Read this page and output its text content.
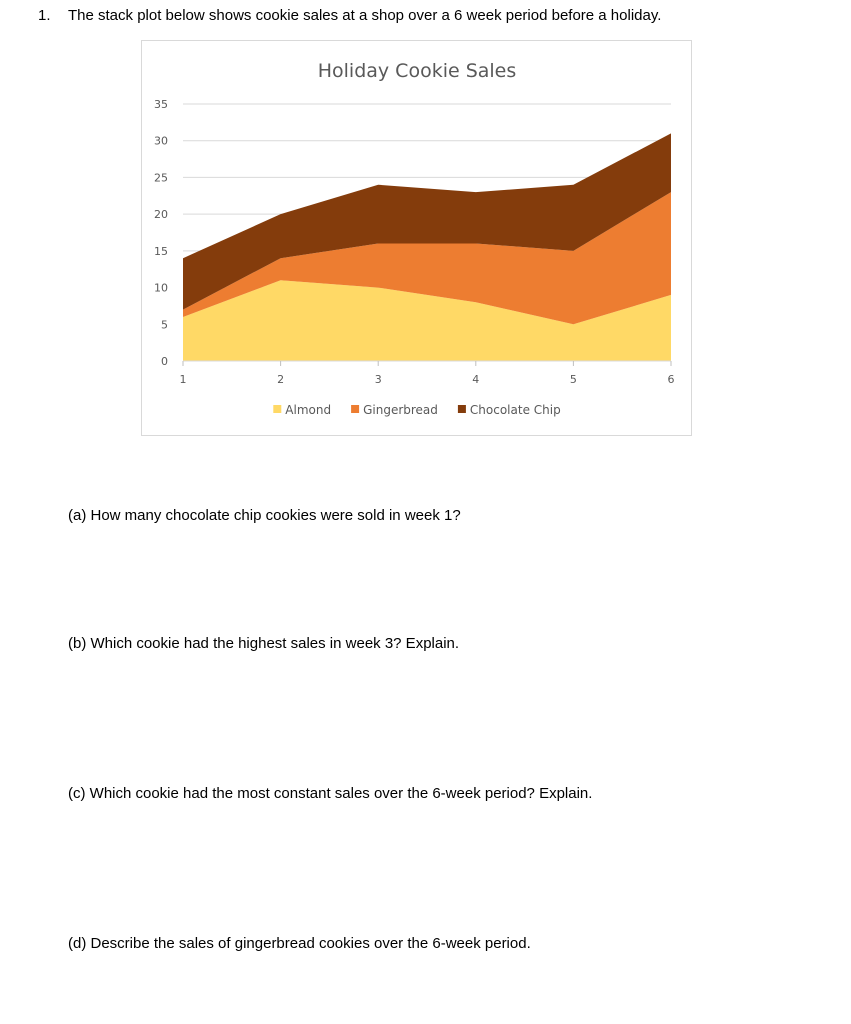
1. The stack plot below shows cookie sales at a shop over a 6 week period before a holiday.
Holiday Cookie Sales
0
5
10
15
20
25
30
35
1	2	3	4	5	6
Almond	Gingerbread	Chocolate Chip
(a) How many chocolate chip cookies were sold in week 1?
(b) Which cookie had the highest sales in week 3? Explain.
(c) Which cookie had the most constant sales over the 6-week period? Explain.
(d) Describe the sales of gingerbread cookies over the 6-week period.
